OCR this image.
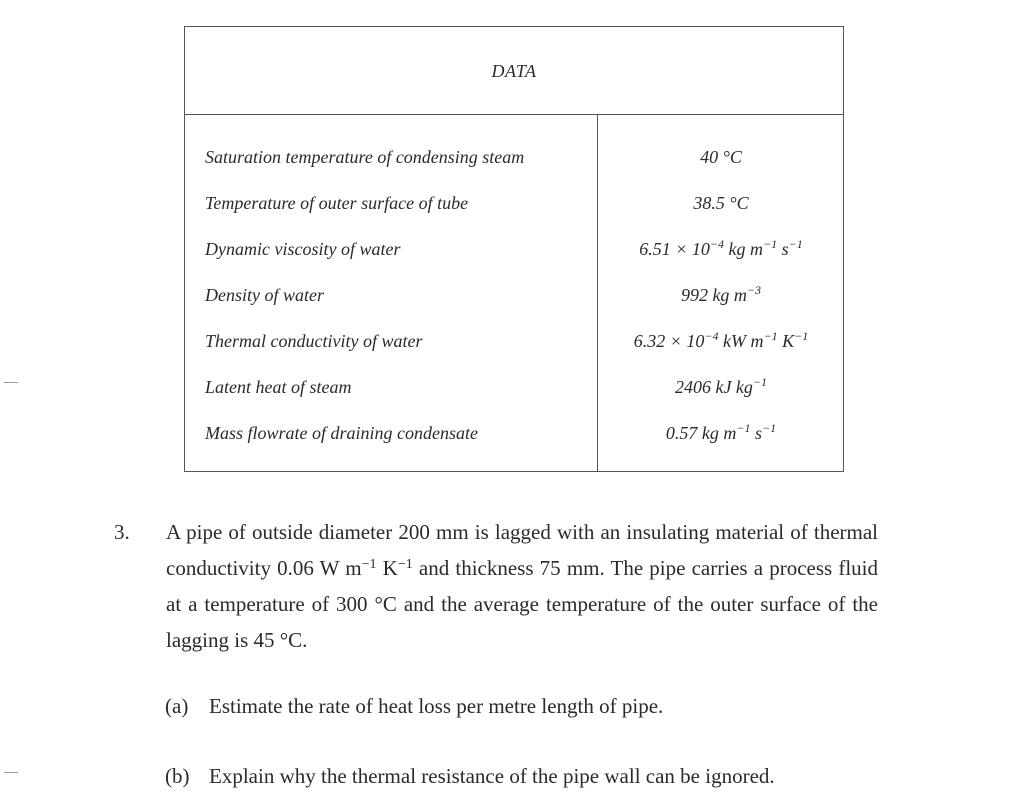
DATA
Saturation temperature of condensing steam	40 °C
Temperature of outer surface of tube	38.5 °C
Dynamic viscosity of water	$6.51 \times 10^{-4}$ kg $m^{-1}$ $s^{-1}$
Density of water	992 kg $m^{-3}$
Thermal conductivity of water	$6.32 \times 10^{-4}$ kW $m^{-1}$ $K^{-1}$
Latent heat of steam	2406 kJ $kg^{-1}$
Mass flowrate of draining condensate	0.57 kg $m^{-1}$ $s^{-1}$
3. A pipe of outside diameter 200 mm is lagged with an insulating material of thermal conductivity 0.06 W $m^{-1}$ $K^{-1}$ and thickness 75 mm. The pipe carries a process fluid at a temperature of 300 °C and the average temperature of the outer surface of the lagging is 45 °C.
(a) Estimate the rate of heat loss per metre length of pipe.
(b) Explain why the thermal resistance of the pipe wall can be ignored.
